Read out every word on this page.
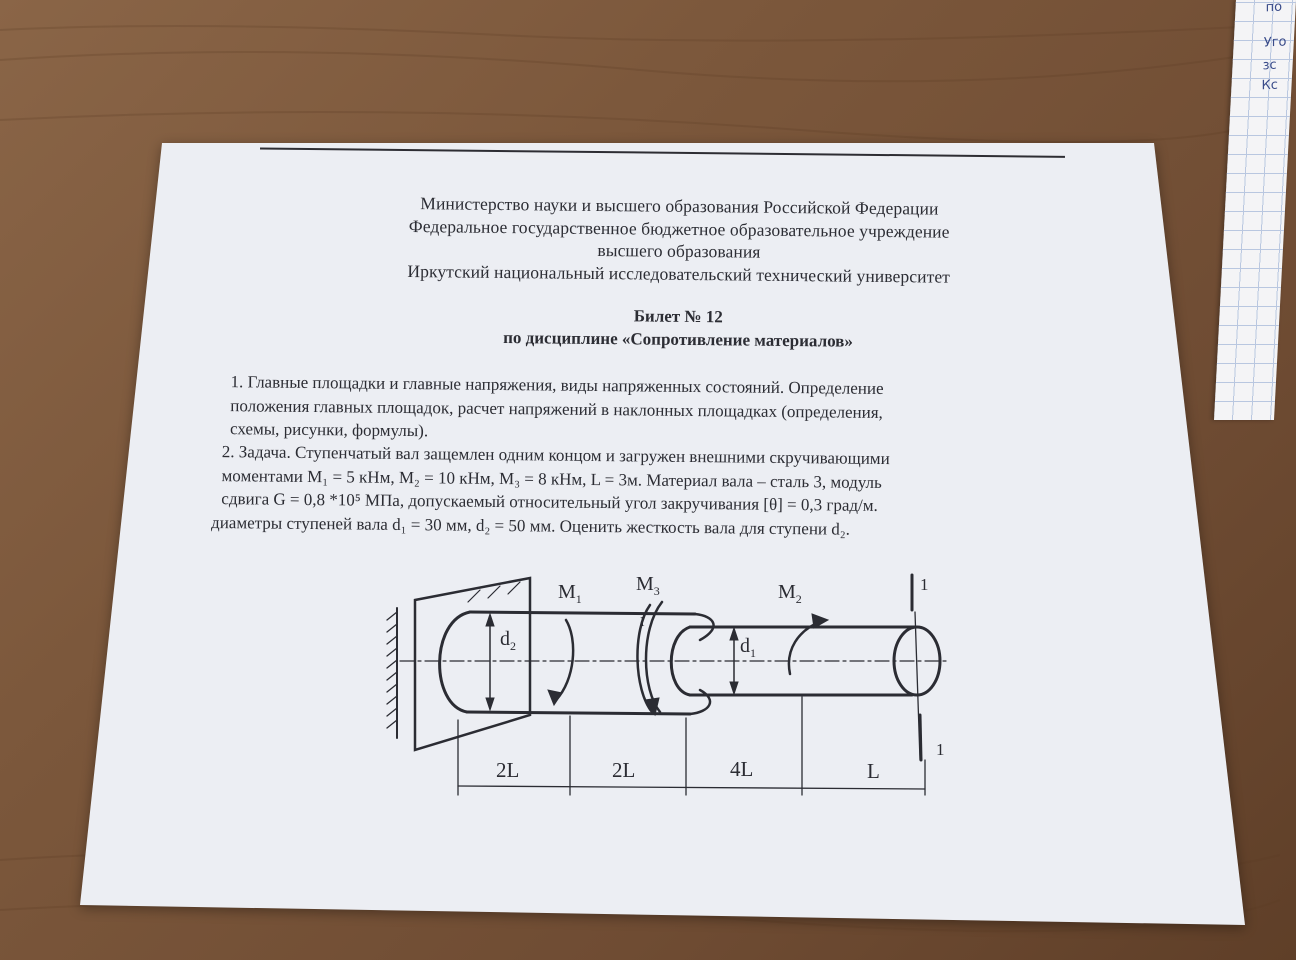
по
Уго
зс
Кс
Министерство науки и высшего образования Российской Федерации
Федеральное государственное бюджетное образовательное учреждение
высшего образования
Иркутский национальный исследовательский технический университет
Билет № 12
по дисциплине «Сопротивление материалов»
1. Главные площадки и главные напряжения, виды напряженных состояний. Определение
положения главных площадок, расчет напряжений в наклонных площадках (определения,
схемы, рисунки, формулы).
2. Задача. Ступенчатый вал защемлен одним концом и загружен внешними скручивающими
моментами M₁ = 5 кНм, M₂ = 10 кНм, M₃ = 8 кНм, L = 3м. Материал вала – сталь 3, модуль
сдвига G = 0,8 *10⁵ МПа, допускаемый относительный угол закручивания [θ] = 0,3 град/м.
диаметры ступеней вала d₁ = 30 мм, d₂ = 50 мм. Оценить жесткость вала для ступени d₂.
$M_1$
$M_3$	$M_2$
$d_2$	$d_1$
I
1
1
2L	2L	4L	L
